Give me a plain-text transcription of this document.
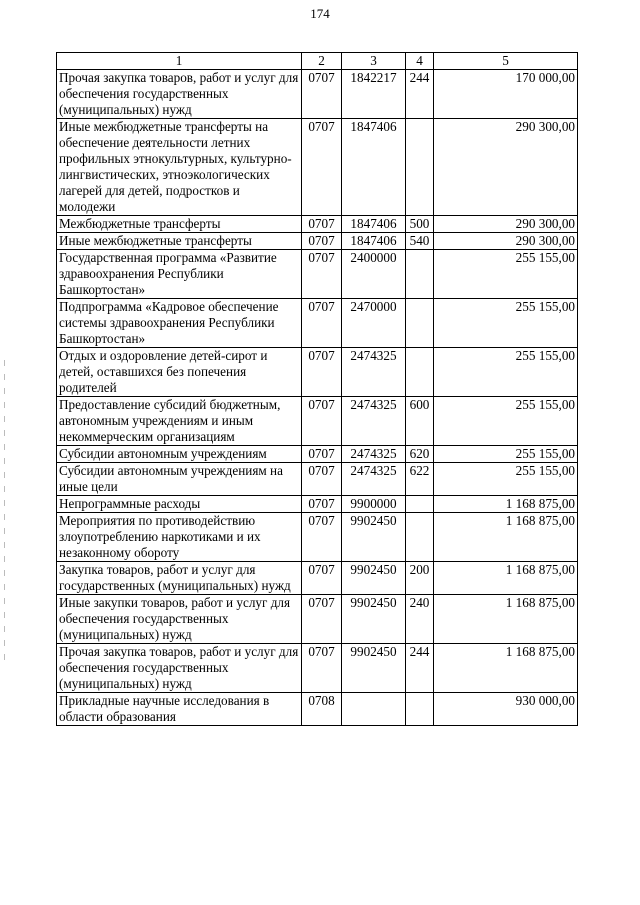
174
1	2	3	4	5
Прочая закупка товаров, работ и услуг для обеспечения государственных (муниципальных) нужд	0707	1842217	244	170 000,00
Иные межбюджетные трансферты на обеспечение деятельности летних профильных этнокультурных, культурно-лингвистических, этноэкологических лагерей для детей, подростков и молодежи	0707	1847406		290 300,00
Межбюджетные трансферты	0707	1847406	500	290 300,00
Иные межбюджетные трансферты	0707	1847406	540	290 300,00
Государственная программа «Развитие здравоохранения Республики Башкортостан»	0707	2400000		255 155,00
Подпрограмма «Кадровое обеспечение системы здравоохранения Республики Башкортостан»	0707	2470000		255 155,00
Отдых и оздоровление детей-сирот и детей, оставшихся без попечения родителей	0707	2474325		255 155,00
Предоставление субсидий бюджетным, автономным учреждениям и иным некоммерческим организациям	0707	2474325	600	255 155,00
Субсидии автономным учреждениям	0707	2474325	620	255 155,00
Субсидии автономным учреждениям на иные цели	0707	2474325	622	255 155,00
Непрограммные расходы	0707	9900000		1 168 875,00
Мероприятия по противодействию злоупотреблению наркотиками и их незаконному обороту	0707	9902450		1 168 875,00
Закупка товаров, работ и услуг для государственных (муниципальных) нужд	0707	9902450	200	1 168 875,00
Иные закупки товаров, работ и услуг для обеспечения государственных (муниципальных) нужд	0707	9902450	240	1 168 875,00
Прочая закупка товаров, работ и услуг для обеспечения государственных (муниципальных) нужд	0707	9902450	244	1 168 875,00
Прикладные научные исследования в области образования	0708			930 000,00
